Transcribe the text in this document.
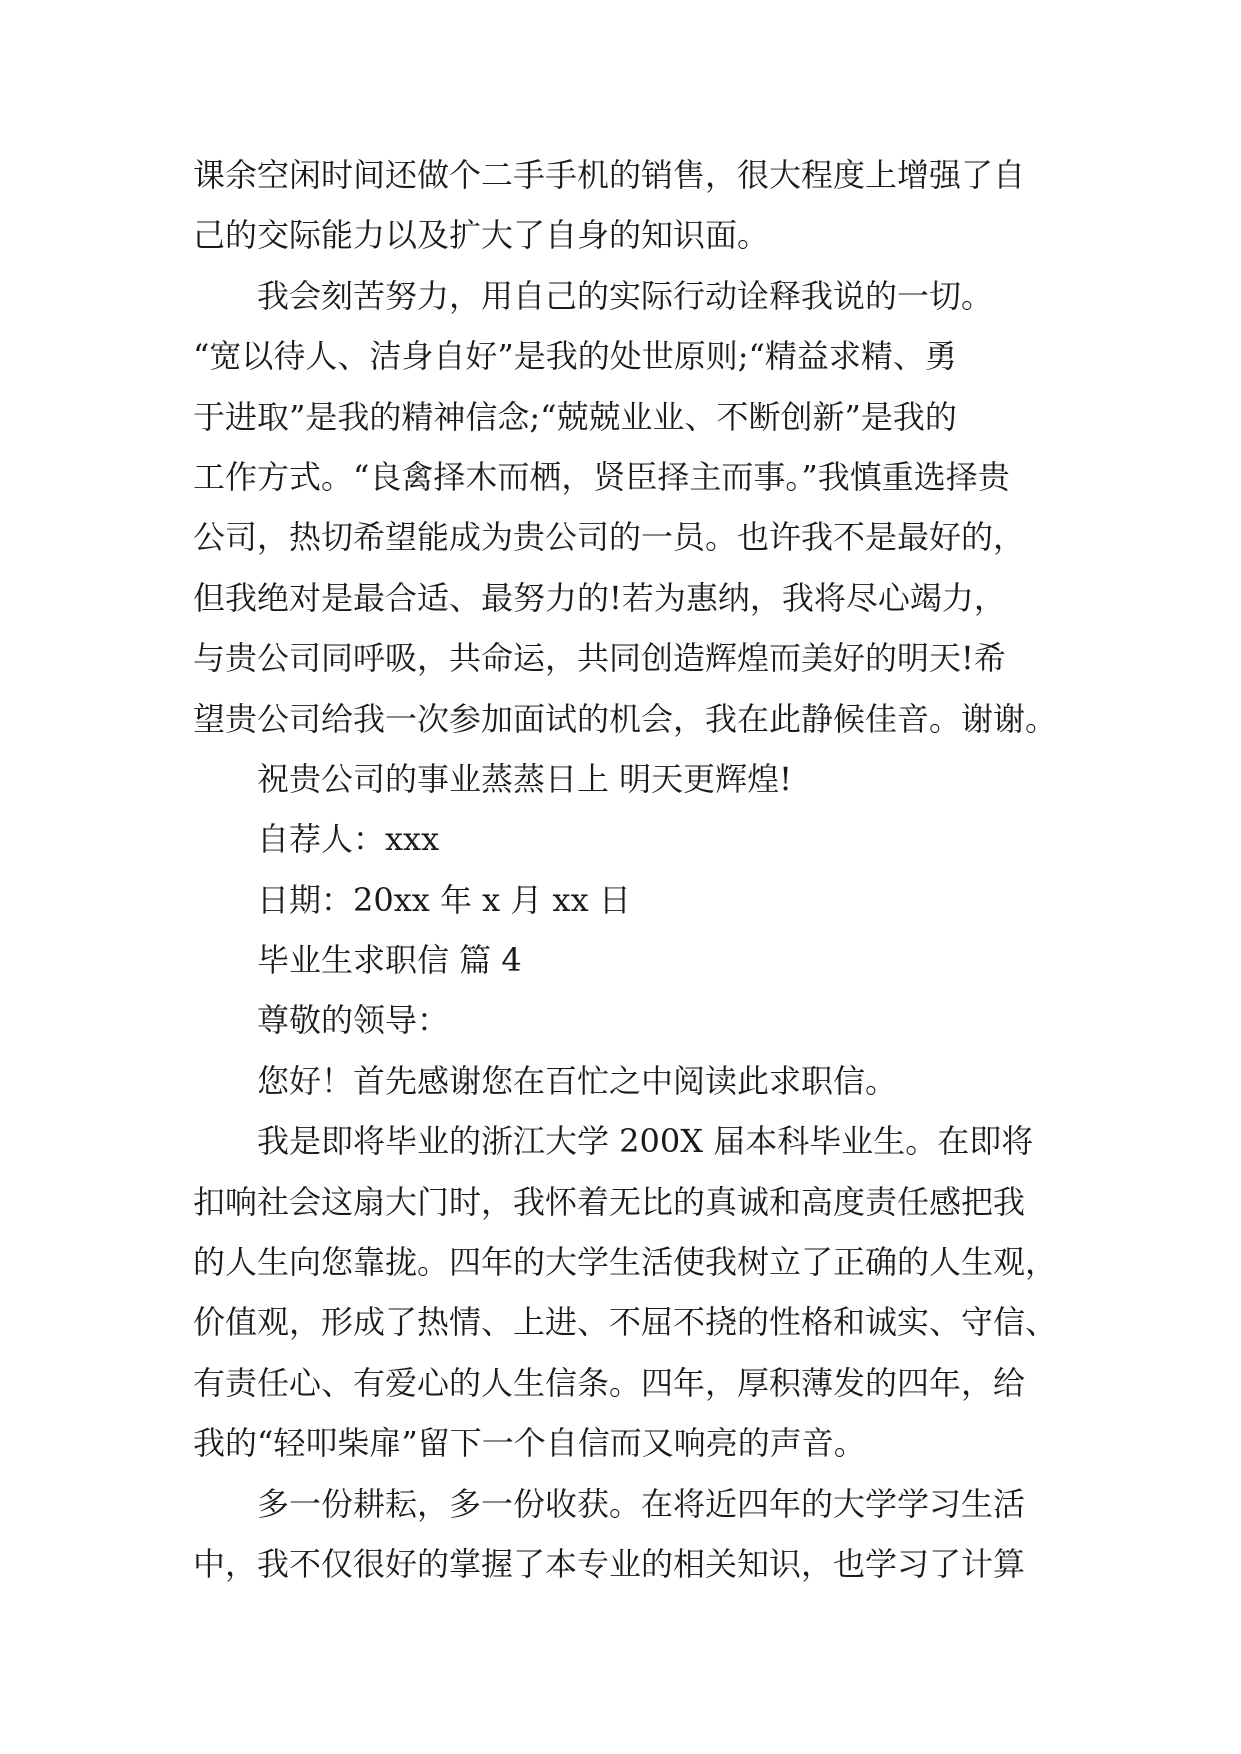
课余空闲时间还做个二手手机的销售，很大程度上增强了自
己的交际能力以及扩大了自身的知识面。
我会刻苦努力，用自己的实际行动诠释我说的一切。
“宽以待人、洁身自好”是我的处世原则;“精益求精、勇
于进取”是我的精神信念;“兢兢业业、不断创新”是我的
工作方式。“良禽择木而栖，贤臣择主而事。”我慎重选择贵
公司，热切希望能成为贵公司的一员。也许我不是最好的，
但我绝对是最合适、最努力的!若为惠纳，我将尽心竭力，
与贵公司同呼吸，共命运，共同创造辉煌而美好的明天!希
望贵公司给我一次参加面试的机会，我在此静候佳音。谢谢。
祝贵公司的事业蒸蒸日上 明天更辉煌!
自荐人：xxx
日期：20xx 年 x 月 xx 日
毕业生求职信 篇 4
尊敬的领导：
您好！首先感谢您在百忙之中阅读此求职信。
我是即将毕业的浙江大学 200X 届本科毕业生。在即将
扣响社会这扇大门时，我怀着无比的真诚和高度责任感把我
的人生向您靠拢。四年的大学生活使我树立了正确的人生观，
价值观，形成了热情、上进、不屈不挠的性格和诚实、守信、
有责任心、有爱心的人生信条。四年，厚积薄发的四年，给
我的“轻叩柴扉”留下一个自信而又响亮的声音。
多一份耕耘，多一份收获。在将近四年的大学学习生活
中，我不仅很好的掌握了本专业的相关知识，也学习了计算
